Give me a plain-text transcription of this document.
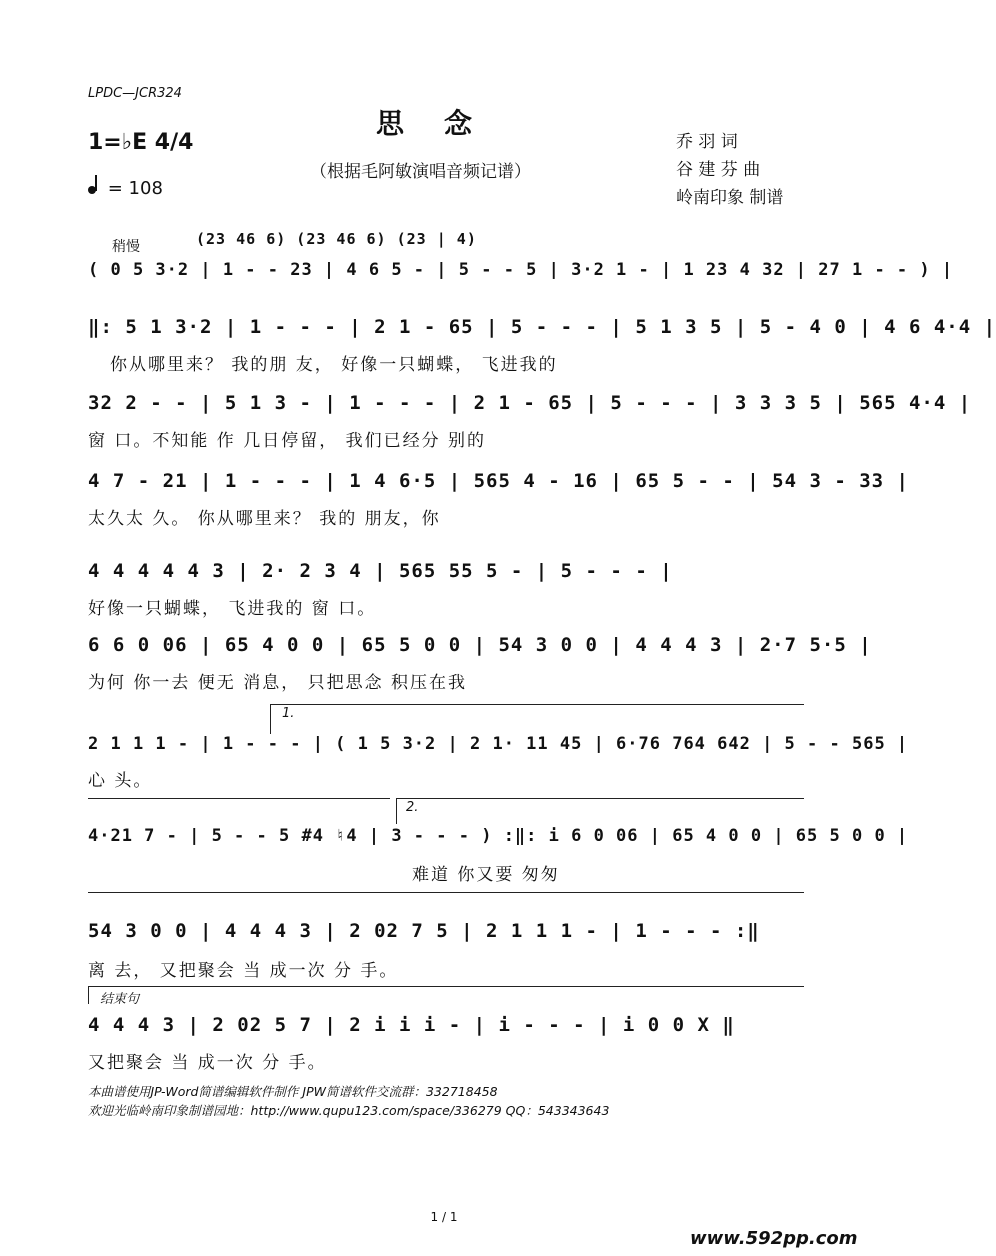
LPDC—JCR324
思念
（根据毛阿敏演唱音频记谱）
乔 羽 词
谷 建 芬 曲
岭南印象 制谱
1=♭E 4/4
= 108
稍慢	(23 46 6) (23 46 6) (23 | 4)
( 0 5 3·2 | 1 - - 23 | 4 6 5 - | 5 - - 5 | 3·2 1 - | 1 23 4 32 | 27 1 - - ) |
‖: 5 1 3·2 | 1 - - - | 2 1 - 65 | 5 - - - | 5 1 3 5 | 5 - 4 0 | 4 6 4·4 |
你从哪里来？ 我的朋 友， 好像一只蝴蝶， 飞进我的
32 2 - - | 5 1 3 - | 1 - - - | 2 1 - 65 | 5 - - - | 3 3 3 5 | 565 4·4 |
窗 口。不知能 作 几日停留， 我们已经分 别的
4 7 - 21 | 1 - - - | 1 4 6·5 | 565 4 - 16 | 65 5 - - | 54 3 - 33 |
太久太 久。 你从哪里来？ 我的 朋友，你
4 4 4 4 4 3 | 2· 2 3 4 | 565 55 5 - | 5 - - - |
好像一只蝴蝶， 飞进我的 窗 口。
6 6 0 06 | 65 4 0 0 | 65 5 0 0 | 54 3 0 0 | 4 4 4 3 | 2·7 5·5 |
为何 你一去 便无 消息， 只把思念 积压在我
1.
2 1 1 1 - | 1 - - - | ( 1 5 3·2 | 2 1· 11 45 | 6·76 764 642 | 5 - - 565 |
心 头。
2.
4·21 7 - | 5 - - 5 #4 ♮4 | 3 - - - ) :‖: i 6 0 06 | 65 4 0 0 | 65 5 0 0 |
难道 你又要 匆匆
54 3 0 0 | 4 4 4 3 | 2 02 7 5 | 2 1 1 1 - | 1 - - - :‖
离 去， 又把聚会 当 成一次 分 手。
结束句
4 4 4 3 | 2 02 5 7 | 2 i i i - | i - - - | i 0 0 X ‖
又把聚会 当 成一次 分 手。
本曲谱使用JP-Word简谱编辑软件制作 JPW简谱软件交流群：332718458
欢迎光临岭南印象制谱园地：http://www.qupu123.com/space/336279 QQ：543343643
1 / 1
www.592pp.com
